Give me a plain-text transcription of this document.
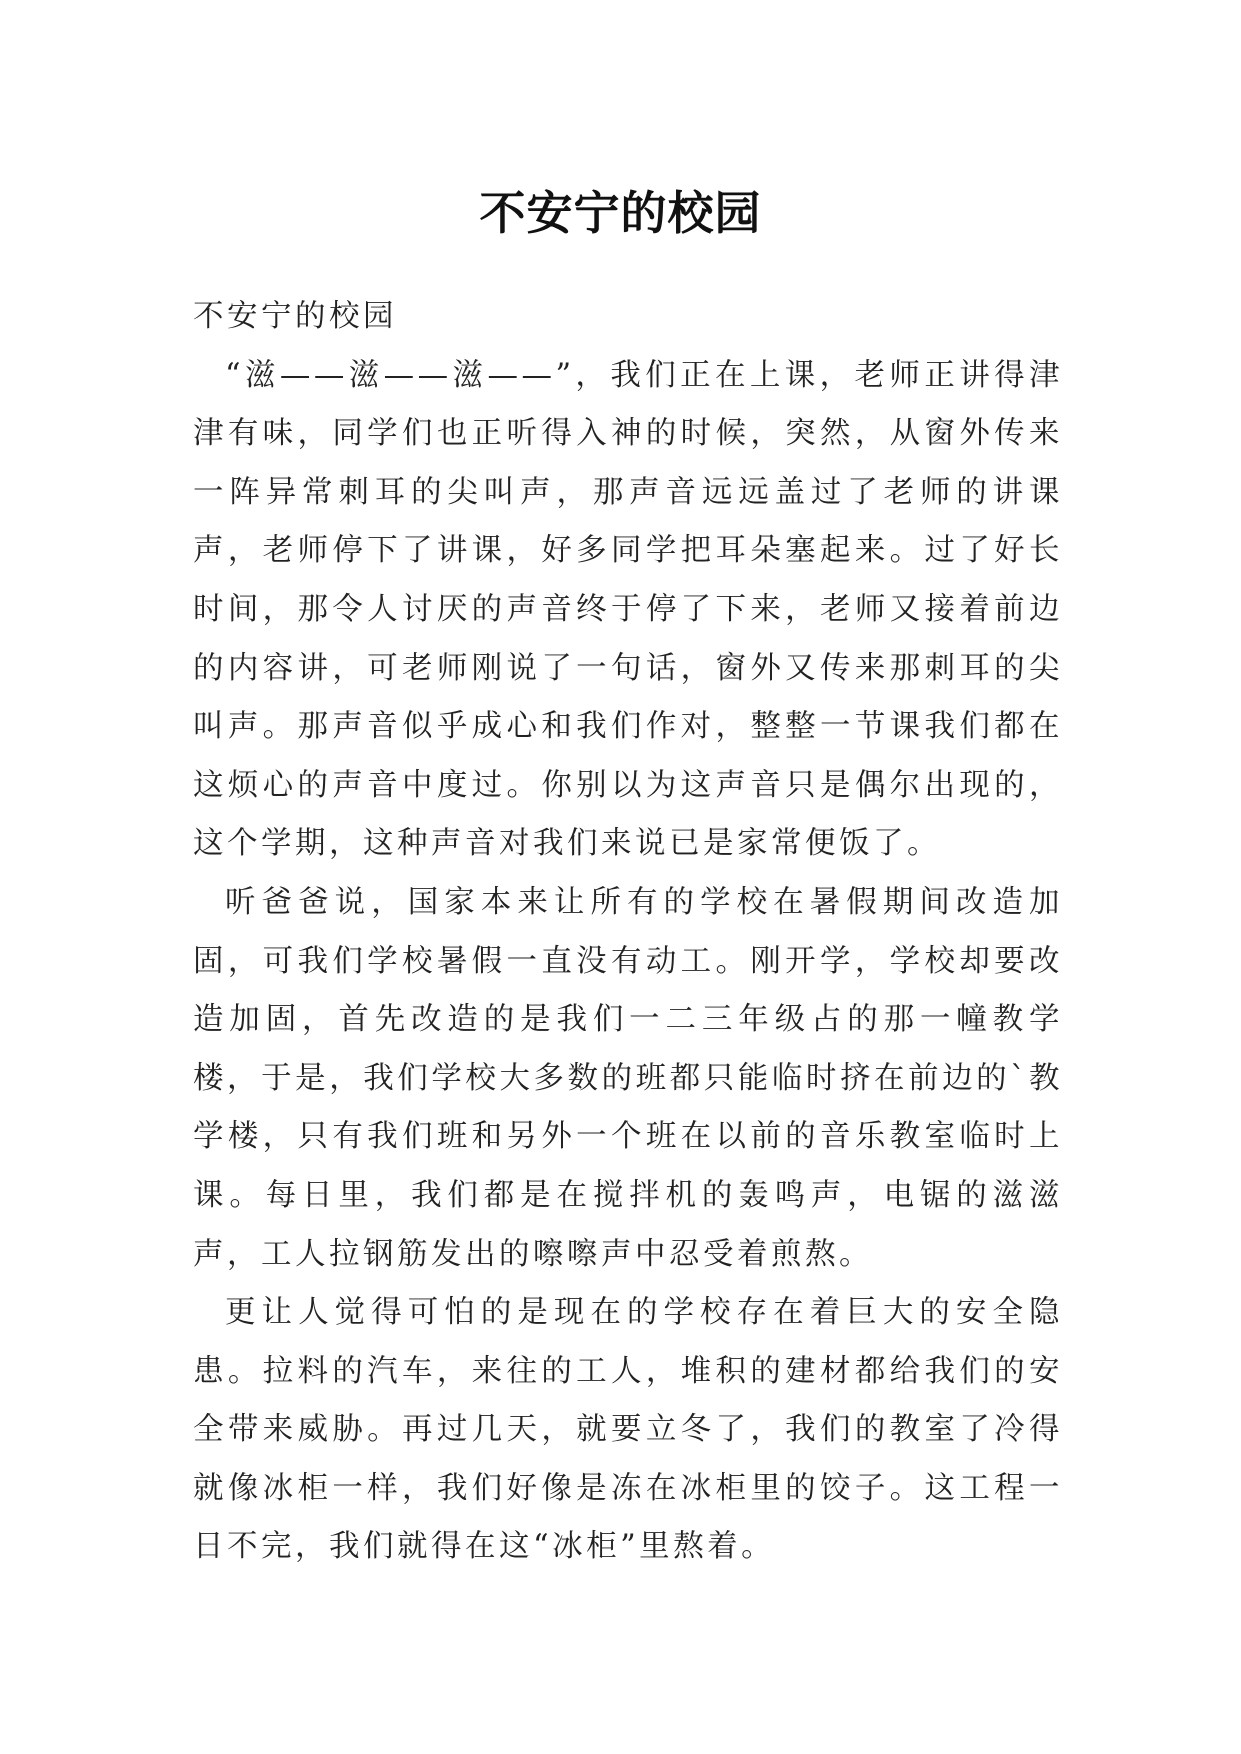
不安宁的校园

不安宁的校园

“滋——滋——滋——”，我们正在上课，老师正讲得津津有味，同学们也正听得入神的时候，突然，从窗外传来一阵异常刺耳的尖叫声，那声音远远盖过了老师的讲课声，老师停下了讲课，好多同学把耳朵塞起来。过了好长时间，那令人讨厌的声音终于停了下来，老师又接着前边的内容讲，可老师刚说了一句话，窗外又传来那刺耳的尖叫声。那声音似乎成心和我们作对，整整一节课我们都在这烦心的声音中度过。你别以为这声音只是偶尔出现的，这个学期，这种声音对我们来说已是家常便饭了。

听爸爸说，国家本来让所有的学校在暑假期间改造加固，可我们学校暑假一直没有动工。刚开学，学校却要改造加固，首先改造的是我们一二三年级占的那一幢教学楼，于是，我们学校大多数的班都只能临时挤在前边的`教学楼，只有我们班和另外一个班在以前的音乐教室临时上课。每日里，我们都是在搅拌机的轰鸣声，电锯的滋滋声，工人拉钢筋发出的嚓嚓声中忍受着煎熬。

更让人觉得可怕的是现在的学校存在着巨大的安全隐患。拉料的汽车，来往的工人，堆积的建材都给我们的安全带来威胁。再过几天，就要立冬了，我们的教室了冷得就像冰柜一样，我们好像是冻在冰柜里的饺子。这工程一日不完，我们就得在这“冰柜”里熬着。
